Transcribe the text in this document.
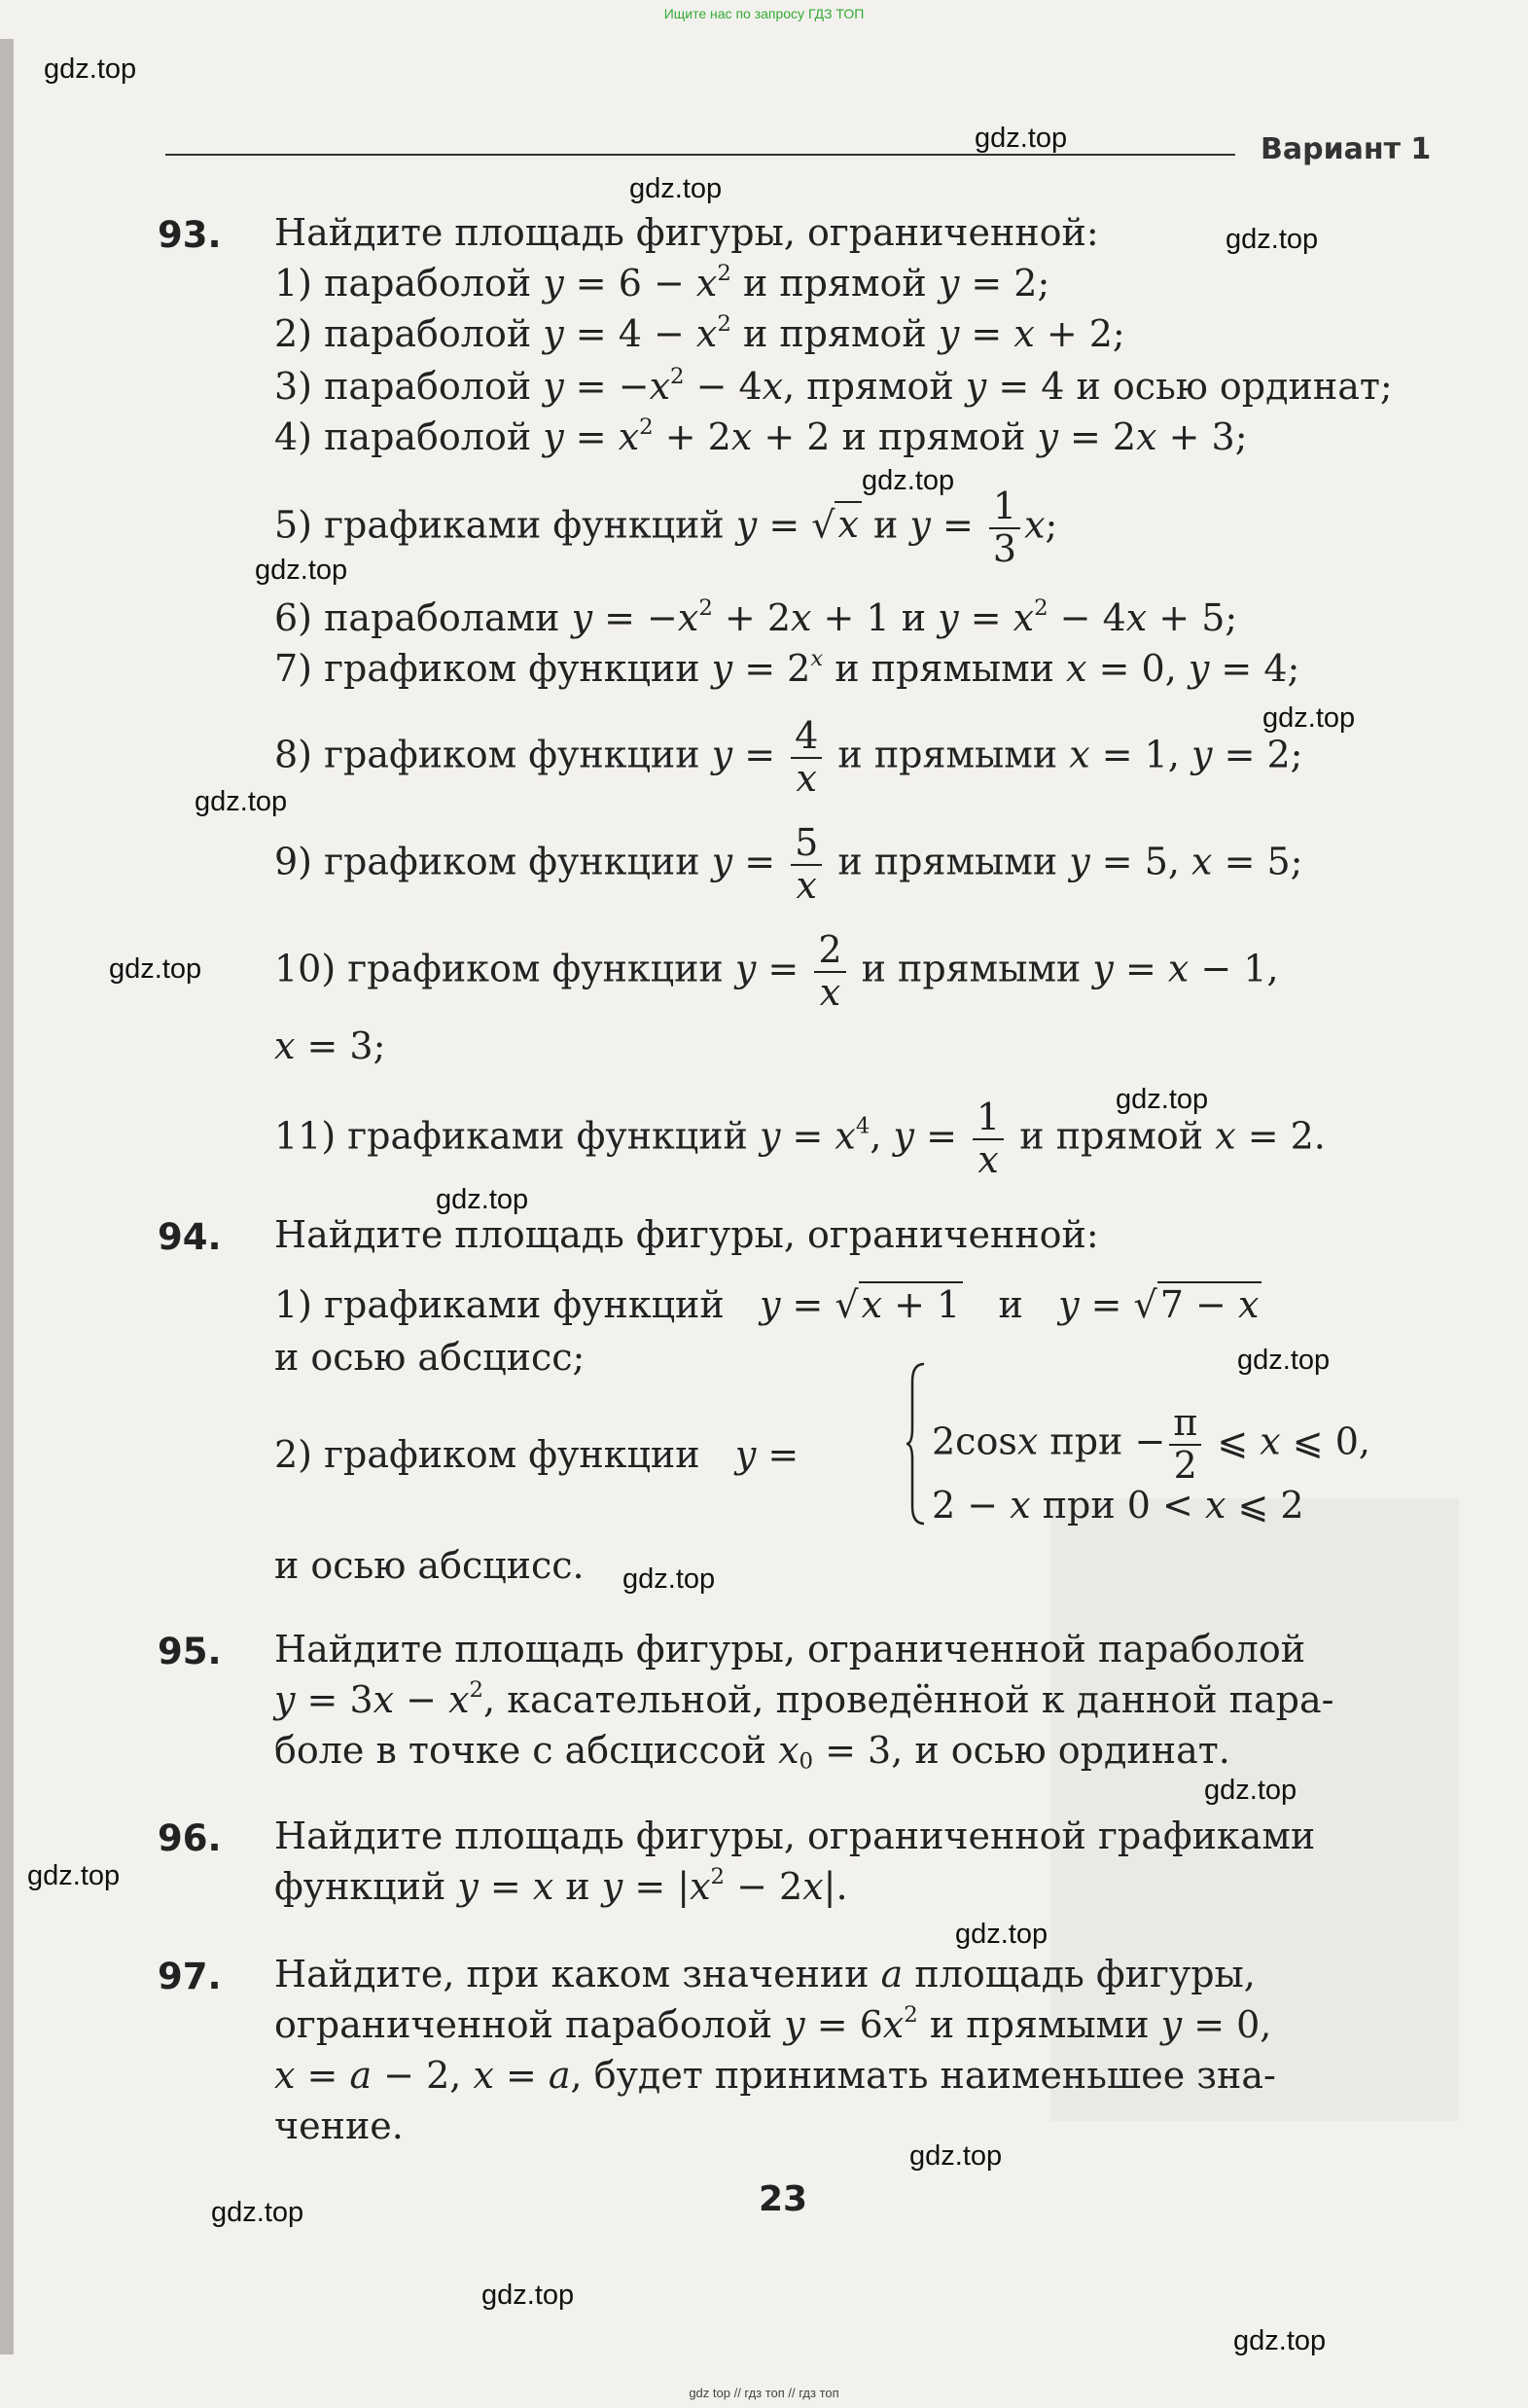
Ищите нас по запросу ГДЗ ТОП
Вариант 1
gdz.top
gdz.top
gdz.top
gdz.top
gdz.top
gdz.top
gdz.top
gdz.top
gdz.top
gdz.top
gdz.top
gdz.top
gdz.top
gdz.top
gdz.top
gdz.top
gdz.top
gdz.top
gdz.top
gdz.top
93. Найдите площадь фигуры, ограниченной:
1) параболой $y = 6 - x^2$ и прямой y = 2;
2) параболой $y = 4 - x^2$ и прямой y = x + 2;
3) параболой $y = -x^2 - 4x$, прямой y = 4 и осью ординат;
4) параболой $y = x^2 + 2x + 2$ и прямой y = 2x + 3;
5) графиками функций y = √x и $y = \frac{1}{3} x$;
6) параболами $y = -x^2 + 2x + 1$ и $y = x^2 - 4x + 5$;
7) графиком функции $y = 2^x$ и прямыми x = 0, y = 4;
8) графиком функции $y = \frac{4}{x}$ и прямыми x = 1, y = 2;
9) графиком функции $y = \frac{5}{x}$ и прямыми y = 5, x = 5;
10) графиком функции $y = \frac{2}{x}$ и прямыми y = x − 1,
x = 3;
11) графиками функций $y = x^4$, $y = \frac{1}{x}$ и прямой x = 2.
94. Найдите площадь фигуры, ограниченной:
1) графиками функций y = √x + 1 и y = √7 − x
и осью абсцисс;
2) графиком функции y =	2cosx при − $\frac{\pi}{2}$ ⩽ x ⩽ 0,
2 − x при 0 < x ⩽ 2
и осью абсцисс.
95. Найдите площадь фигуры, ограниченной параболой
$y = 3x - x^2$, касательной, проведённой к данной пара-
боле в точке с абсциссой $x_0 = 3$, и осью ординат.
96. Найдите площадь фигуры, ограниченной графиками
функций y = x и $y = |x^2 - 2x|$.
97. Найдите, при каком значении a площадь фигуры,
ограниченной параболой $y = 6x^2$ и прямыми y = 0,
x = a − 2, x = a, будет принимать наименьшее зна-
чение.
23
gdz top // гдз топ // гдз топ
